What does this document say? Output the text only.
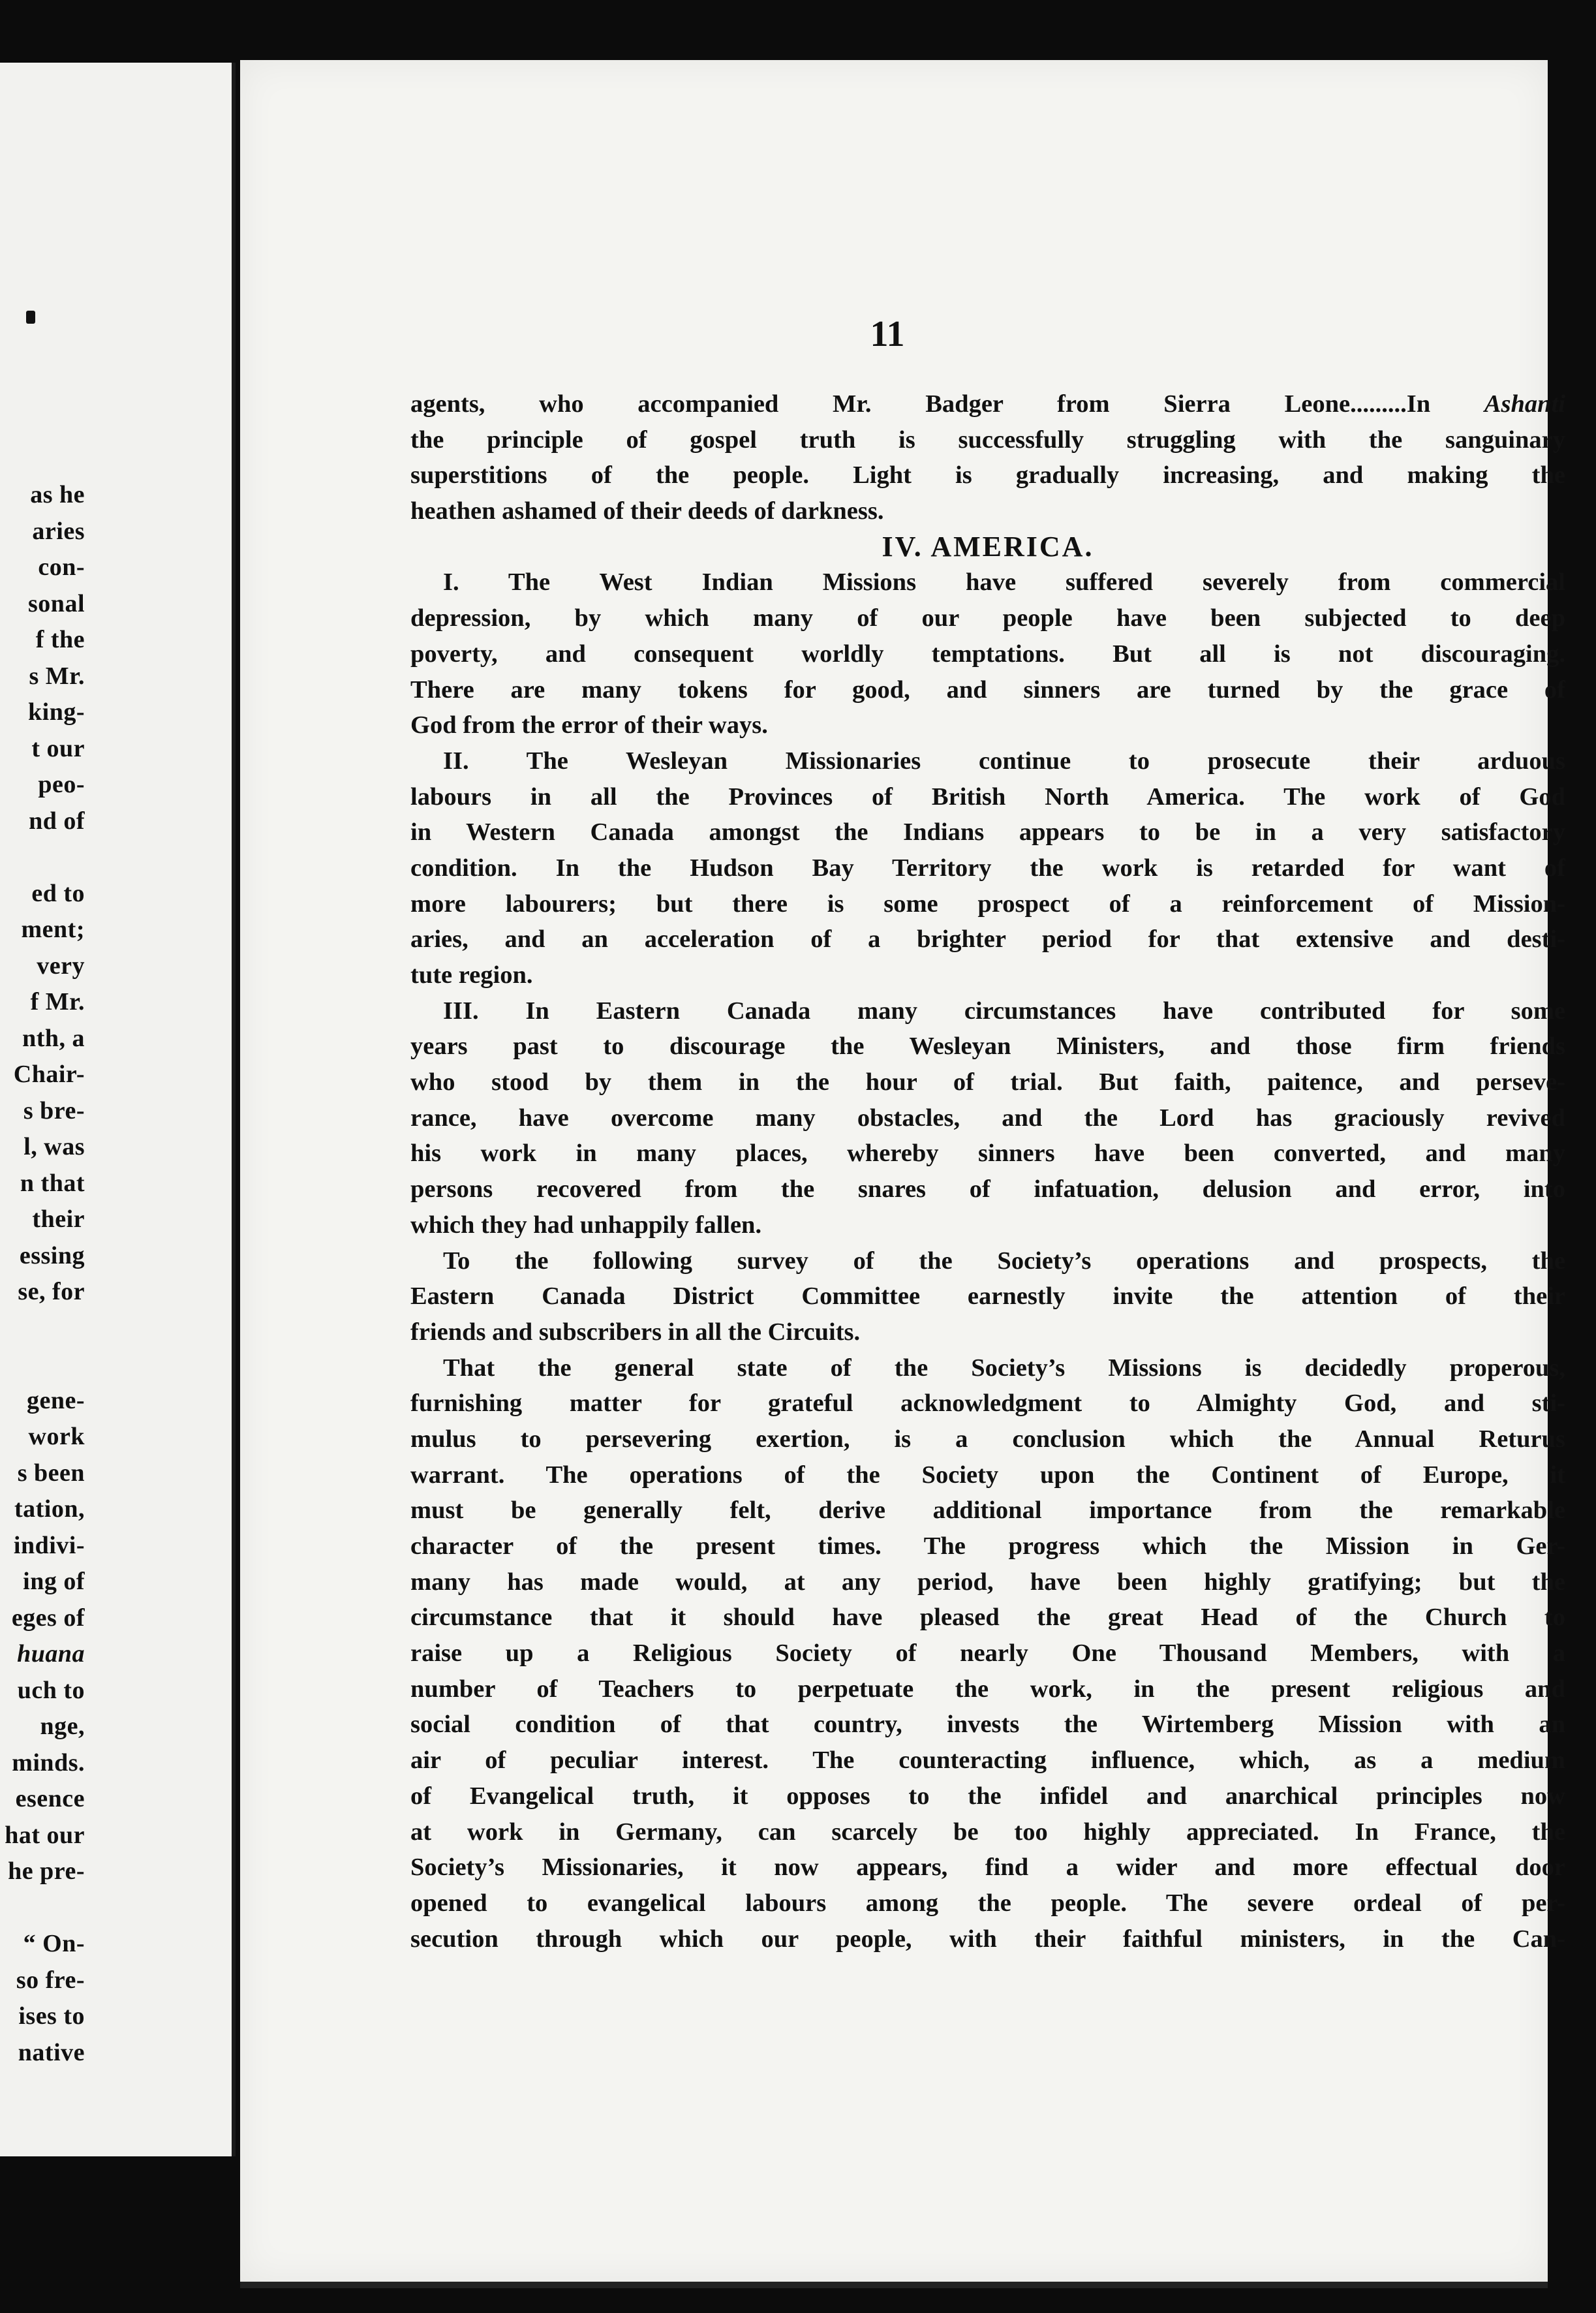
as he
aries
con-
sonal
f the
s Mr.
king-
t our
peo-
nd of
ed to
ment;
very
f Mr.
nth, a
Chair-
s bre-
l, was
n that
their
essing
se, for
gene-
work
s been
tation,
indivi-
ing of
eges of
huana
uch to
nge,
minds.
esence
hat our
he pre-
“ On-
so fre-
ises to
native
11
agents, who accompanied Mr. Badger from Sierra Leone.........In Ashanti
the principle of gospel truth is successfully struggling with the sanguinary
superstitions of the people. Light is gradually increasing, and making the
heathen ashamed of their deeds of darkness.
IV. AMERICA.
I. The West Indian Missions have suffered severely from commercial
depression, by which many of our people have been subjected to deep
poverty, and consequent worldly temptations. But all is not discouraging.
There are many tokens for good, and sinners are turned by the grace of
God from the error of their ways.
II. The Wesleyan Missionaries continue to prosecute their arduous
labours in all the Provinces of British North America. The work of God
in Western Canada amongst the Indians appears to be in a very satisfactory
condition. In the Hudson Bay Territory the work is retarded for want of
more labourers; but there is some prospect of a reinforcement of Mission-
aries, and an acceleration of a brighter period for that extensive and desti-
tute region.
III. In Eastern Canada many circumstances have contributed for some
years past to discourage the Wesleyan Ministers, and those firm friends
who stood by them in the hour of trial. But faith, paitence, and perseve-
rance, have overcome many obstacles, and the Lord has graciously revived
his work in many places, whereby sinners have been converted, and many
persons recovered from the snares of infatuation, delusion and error, into
which they had unhappily fallen.
To the following survey of the Society’s operations and prospects, the
Eastern Canada District Committee earnestly invite the attention of their
friends and subscribers in all the Circuits.
That the general state of the Society’s Missions is decidedly properous,
furnishing matter for grateful acknowledgment to Almighty God, and sti-
mulus to persevering exertion, is a conclusion which the Annual Returus
warrant. The operations of the Society upon the Continent of Europe, it
must be generally felt, derive additional importance from the remarkable
character of the present times. The progress which the Mission in Ger-
many has made would, at any period, have been highly gratifying; but the
circumstance that it should have pleased the great Head of the Church to
raise up a Religious Society of nearly One Thousand Members, with a
number of Teachers to perpetuate the work, in the present religious and
social condition of that country, invests the Wirtemberg Mission with an
air of peculiar interest. The counteracting influence, which, as a medium
of Evangelical truth, it opposes to the infidel and anarchical principles now
at work in Germany, can scarcely be too highly appreciated. In France, the
Society’s Missionaries, it now appears, find a wider and more effectual door
opened to evangelical labours among the people. The severe ordeal of per-
secution through which our people, with their faithful ministers, in the Can-
